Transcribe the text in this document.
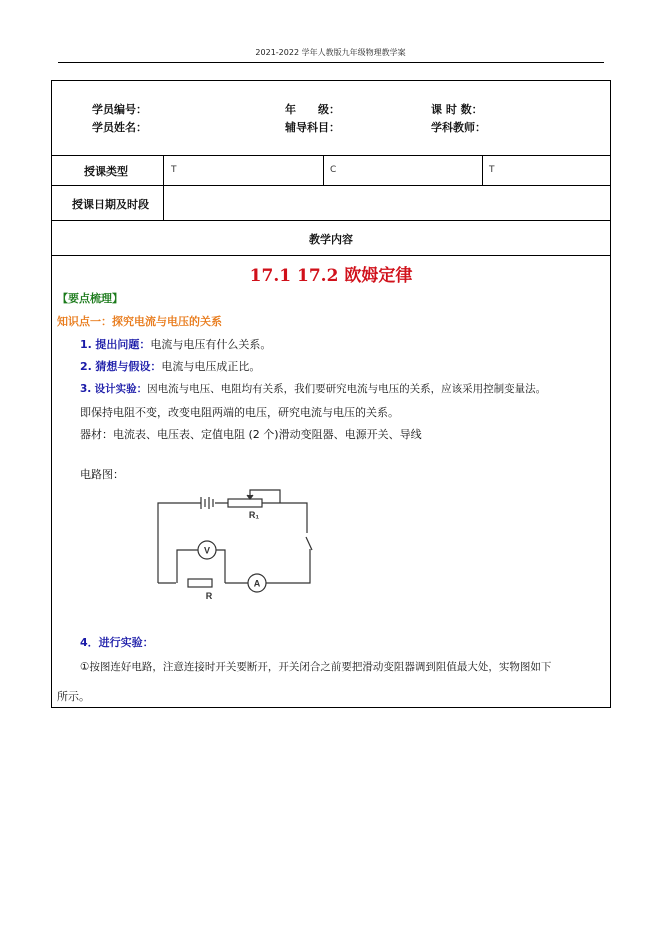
2021-2022 学年人教版九年级物理教学案
学员编号：	年　　级：	课 时 数：
学员姓名：	辅导科目：	学科教师：
授课类型	T	C	T
授课日期及时段
教学内容
17.1 17.2 欧姆定律
【要点梳理】
知识点一：探究电流与电压的关系
1. 提出问题：电流与电压有什么关系。
2. 猜想与假设：电流与电压成正比。
3. 设计实验：因电流与电压、电阻均有关系，我们要研究电流与电压的关系，应该采用控制变量法。
即保持电阻不变，改变电阻两端的电压，研究电流与电压的关系。
器材：电流表、电压表、定值电阻 (2 个)滑动变阻器、电源开关、导线
电路图：
V
A
R
R₁
4．进行实验：
①按图连好电路，注意连接时开关要断开，开关闭合之前要把滑动变阻器调到阻值最大处，实物图如下
所示。
